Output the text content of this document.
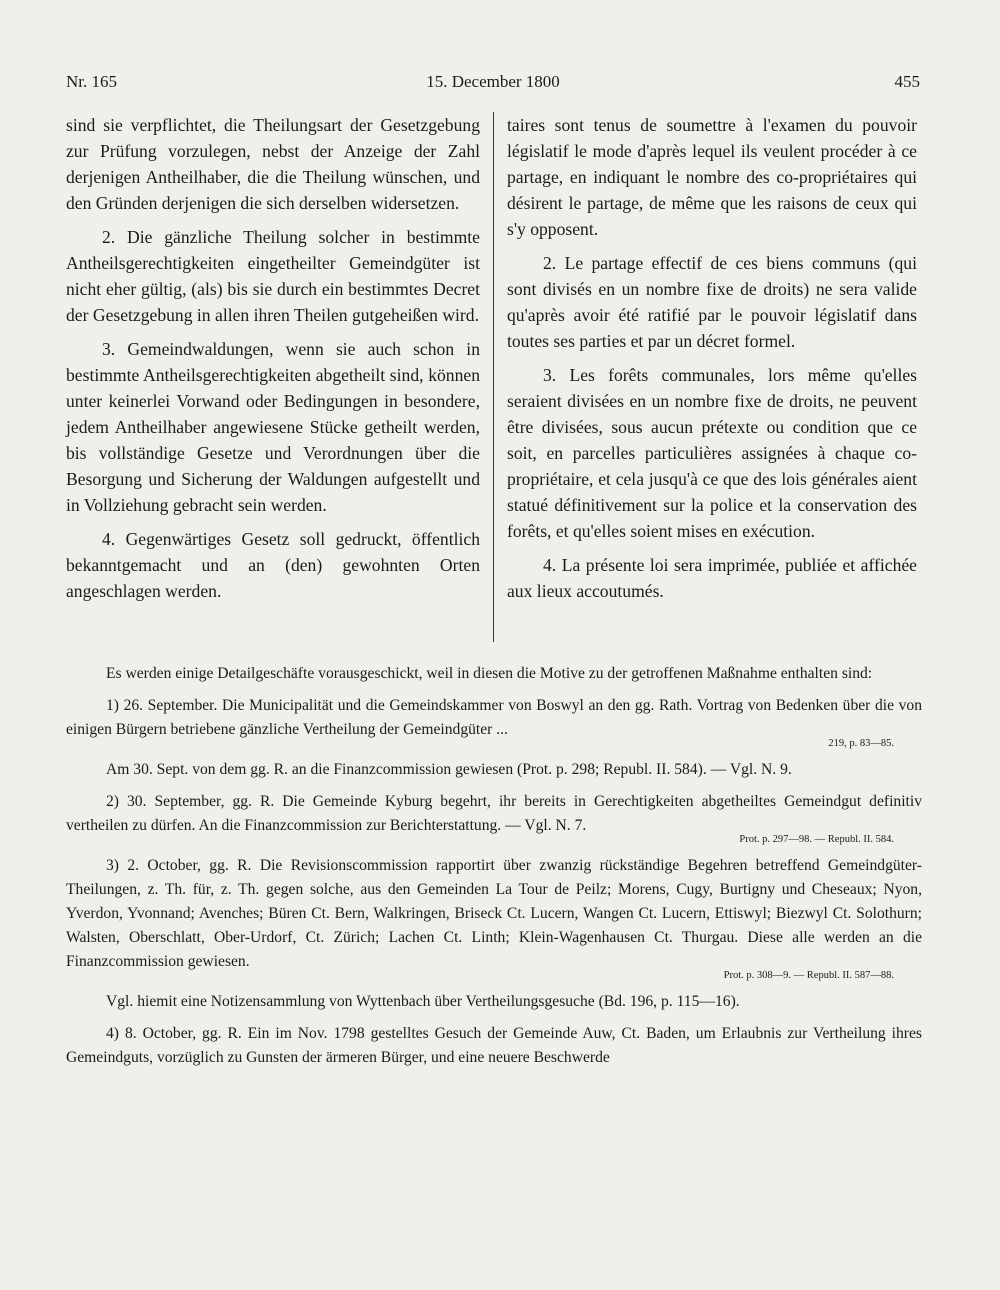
Nr. 165	15. December 1800	455

sind sie verpflichtet, die Theilungsart der Gesetzgebung zur Prüfung vorzulegen, nebst der Anzeige der Zahl derjenigen Antheilhaber, die die Theilung wünschen, und den Gründen derjenigen die sich derselben widersetzen.

2. Die gänzliche Theilung solcher in bestimmte Antheilsgerechtigkeiten eingetheilter Gemeindgüter ist nicht eher gültig, (als) bis sie durch ein bestimmtes Decret der Gesetzgebung in allen ihren Theilen gutgeheißen wird.

3. Gemeindwaldungen, wenn sie auch schon in bestimmte Antheilsgerechtigkeiten abgetheilt sind, können unter keinerlei Vorwand oder Bedingungen in besondere, jedem Antheilhaber angewiesene Stücke getheilt werden, bis vollständige Gesetze und Verordnungen über die Besorgung und Sicherung der Waldungen aufgestellt und in Vollziehung gebracht sein werden.

4. Gegenwärtiges Gesetz soll gedruckt, öffentlich bekanntgemacht und an (den) gewohnten Orten angeschlagen werden.

taires sont tenus de soumettre à l'examen du pouvoir législatif le mode d'après lequel ils veulent procéder à ce partage, en indiquant le nombre des co-propriétaires qui désirent le partage, de même que les raisons de ceux qui s'y opposent.

2. Le partage effectif de ces biens communs (qui sont divisés en un nombre fixe de droits) ne sera valide qu'après avoir été ratifié par le pouvoir législatif dans toutes ses parties et par un décret formel.

3. Les forêts communales, lors même qu'elles seraient divisées en un nombre fixe de droits, ne peuvent être divisées, sous aucun prétexte ou condition que ce soit, en parcelles particulières assignées à chaque co-propriétaire, et cela jusqu'à ce que des lois générales aient statué définitivement sur la police et la conservation des forêts, et qu'elles soient mises en exécution.

4. La présente loi sera imprimée, publiée et affichée aux lieux accoutumés.

Es werden einige Detailgeschäfte vorausgeschickt, weil in diesen die Motive zu der getroffenen Maßnahme enthalten sind:

1) 26. September. Die Municipalität und die Gemeindskammer von Boswyl an den gg. Rath. Vortrag von Bedenken über die von einigen Bürgern betriebene gänzliche Vertheilung der Gemeindgüter ...
219, p. 83—85.

Am 30. Sept. von dem gg. R. an die Finanzcommission gewiesen (Prot. p. 298; Republ. II. 584). — Vgl. N. 9.

2) 30. September, gg. R. Die Gemeinde Kyburg begehrt, ihr bereits in Gerechtigkeiten abgetheiltes Gemeindgut definitiv vertheilen zu dürfen. An die Finanzcommission zur Berichterstattung. — Vgl. N. 7.
Prot. p. 297—98. — Republ. II. 584.

3) 2. October, gg. R. Die Revisionscommission rapportirt über zwanzig rückständige Begehren betreffend Gemeindgüter-Theilungen, z. Th. für, z. Th. gegen solche, aus den Gemeinden La Tour de Peilz; Morens, Cugy, Burtigny und Cheseaux; Nyon, Yverdon, Yvonnand; Avenches; Büren Ct. Bern, Walkringen, Briseck Ct. Lucern, Wangen Ct. Lucern, Ettiswyl; Biezwyl Ct. Solothurn; Walsten, Oberschlatt, Ober-Urdorf, Ct. Zürich; Lachen Ct. Linth; Klein-Wagenhausen Ct. Thurgau. Diese alle werden an die Finanzcommission gewiesen.
Prot. p. 308—9. — Republ. II. 587—88.

Vgl. hiemit eine Notizensammlung von Wyttenbach über Vertheilungsgesuche (Bd. 196, p. 115—16).

4) 8. October, gg. R. Ein im Nov. 1798 gestelltes Gesuch der Gemeinde Auw, Ct. Baden, um Erlaubnis zur Vertheilung ihres Gemeindguts, vorzüglich zu Gunsten der ärmeren Bürger, und eine neuere Beschwerde
